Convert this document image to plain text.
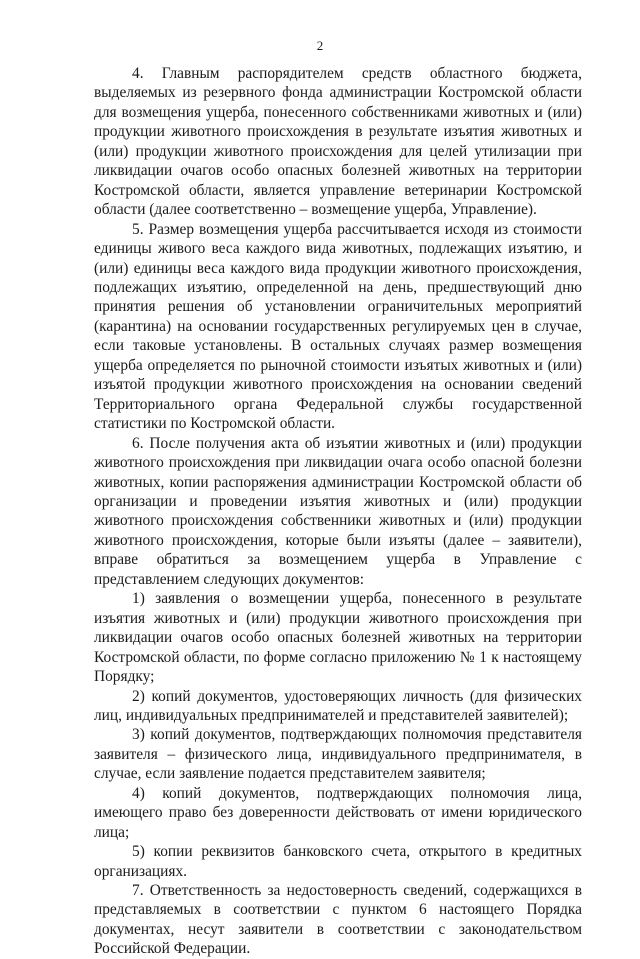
2

4. Главным распорядителем средств областного бюджета, выделяемых из резервного фонда администрации Костромской области для возмещения ущерба, понесенного собственниками животных и (или) продукции животного происхождения в результате изъятия животных и (или) продукции животного происхождения для целей утилизации при ликвидации очагов особо опасных болезней животных на территории Костромской области, является управление ветеринарии Костромской области (далее соответственно – возмещение ущерба, Управление).

5. Размер возмещения ущерба рассчитывается исходя из стоимости единицы живого веса каждого вида животных, подлежащих изъятию, и (или) единицы веса каждого вида продукции животного происхождения, подлежащих изъятию, определенной на день, предшествующий дню принятия решения об установлении ограничительных мероприятий (карантина) на основании государственных регулируемых цен в случае, если таковые установлены. В остальных случаях размер возмещения ущерба определяется по рыночной стоимости изъятых животных и (или) изъятой продукции животного происхождения на основании сведений Территориального органа Федеральной службы государственной статистики по Костромской области.

6. После получения акта об изъятии животных и (или) продукции животного происхождения при ликвидации очага особо опасной болезни животных, копии распоряжения администрации Костромской области об организации и проведении изъятия животных и (или) продукции животного происхождения собственники животных и (или) продукции животного происхождения, которые были изъяты (далее – заявители), вправе обратиться за возмещением ущерба в Управление с представлением следующих документов:

1) заявления о возмещении ущерба, понесенного в результате изъятия животных и (или) продукции животного происхождения при ликвидации очагов особо опасных болезней животных на территории Костромской области, по форме согласно приложению № 1 к настоящему Порядку;

2) копий документов, удостоверяющих личность (для физических лиц, индивидуальных предпринимателей и представителей заявителей);

3) копий документов, подтверждающих полномочия представителя заявителя – физического лица, индивидуального предпринимателя, в случае, если заявление подается представителем заявителя;

4) копий документов, подтверждающих полномочия лица, имеющего право без доверенности действовать от имени юридического лица;

5) копии реквизитов банковского счета, открытого в кредитных организациях.

7. Ответственность за недостоверность сведений, содержащихся в представляемых в соответствии с пунктом 6 настоящего Порядка документах, несут заявители в соответствии с законодательством Российской Федерации.
